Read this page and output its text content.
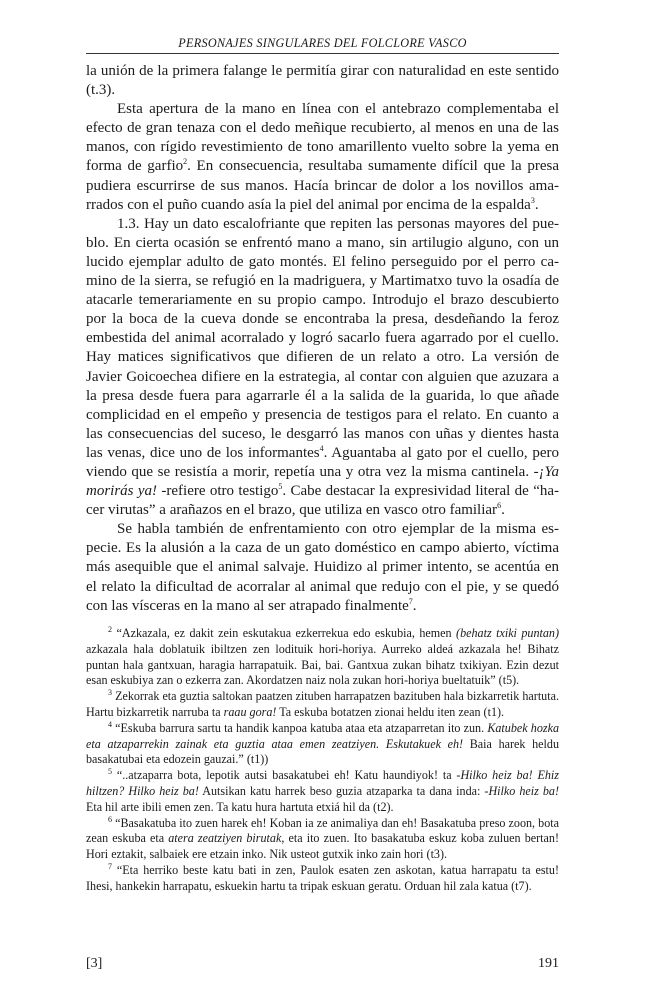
PERSONAJES SINGULARES DEL FOLCLORE VASCO

la unión de la primera falange le permitía girar con naturalidad en este sentido (t.3).

Esta apertura de la mano en línea con el antebrazo complementaba el efecto de gran tenaza con el dedo meñique recubierto, al menos en una de las manos, con rígido revestimiento de tono amarillento vuelto sobre la yema en forma de garfio$^2$. En consecuencia, resultaba sumamente difícil que la presa pudiera escurrirse de sus manos. Hacía brincar de dolor a los novillos amarrados con el puño cuando asía la piel del animal por encima de la espalda$^3$.

1.3. Hay un dato escalofriante que repiten las personas mayores del pueblo. En cierta ocasión se enfrentó mano a mano, sin artilugio alguno, con un lucido ejemplar adulto de gato montés. El felino perseguido por el perro camino de la sierra, se refugió en la madriguera, y Martimatxo tuvo la osadía de atacarle temerariamente en su propio campo. Introdujo el brazo descubierto por la boca de la cueva donde se encontraba la presa, desdeñando la feroz embestida del animal acorralado y logró sacarlo fuera agarrado por el cuello. Hay matices significativos que difieren de un relato a otro. La versión de Javier Goicoechea difiere en la estrategia, al contar con alguien que azuzara a la presa desde fuera para agarrarle él a la salida de la guarida, lo que añade complicidad en el empeño y presencia de testigos para el relato. En cuanto a las consecuencias del suceso, le desgarró las manos con uñas y dientes hasta las venas, dice uno de los informantes$^4$. Aguantaba al gato por el cuello, pero viendo que se resistía a morir, repetía una y otra vez la misma cantinela. -¡Ya morirás ya! -refiere otro testigo$^5$. Cabe destacar la expresividad literal de “hacer virutas” a arañazos en el brazo, que utiliza en vasco otro familiar$^6$.

Se habla también de enfrentamiento con otro ejemplar de la misma especie. Es la alusión a la caza de un gato doméstico en campo abierto, víctima más asequible que el animal salvaje. Huidizo al primer intento, se acentúa en el relato la dificultad de acorralar al animal que redujo con el pie, y se quedó con las vísceras en la mano al ser atrapado finalmente$^7$.

$^2$ “Azkazala, ez dakit zein eskutakua ezkerrekua edo eskubia, hemen (behatz txiki puntan) azkazala hala doblatuik ibiltzen zen lodituik hori-horiya. Aurreko aldeá azkazala he! Bihatz puntan hala gantxuan, haragia harrapatuik. Bai, bai. Gantxua zukan bihatz txikiyan. Ezin dezut esan eskubiya zan o ezkerra zan. Akordatzen naiz nola zukan hori-horiya bueltatuik” (t5).

$^3$ Zekorrak eta guztia saltokan paatzen zituben harrapatzen bazituben hala bizkarretik hartuta. Hartu bizkarretik narruba ta raau gora! Ta eskuba botatzen zionai heldu iten zean (t1).

$^4$ “Eskuba barrura sartu ta handik kanpoa katuba ataa eta atzaparretan ito zun. Katubek hozka eta atzaparrekin zainak eta guztia ataa emen zeatziyen. Eskutakuek eh! Baia harek heldu basakatubai eta edozein gauzai.” (t1))

$^5$ “..atzaparra bota, lepotik autsi basakatubei eh! Katu haundiyok! ta -Hilko heiz ba! Ehiz hiltzen? Hilko heiz ba! Autsikan katu harrek beso guzia atzaparka ta dana inda: -Hilko heiz ba! Eta hil arte ibili emen zen. Ta katu hura hartuta etxiá hil da (t2).

$^6$ “Basakatuba ito zuen harek eh! Koban ia ze animaliya dan eh! Basakatuba preso zoon, bota zean eskuba eta atera zeatziyen birutak, eta ito zuen. Ito basakatuba eskuz koba zuluen bertan! Hori eztakit, salbaiek ere etzain inko. Nik usteot gutxik inko zain hori (t3).

$^7$ “Eta herriko beste katu bati in zen, Paulok esaten zen askotan, katua harrapatu ta estu! Ihesi, hankekin harrapatu, eskuekin hartu ta tripak eskuan geratu. Orduan hil zala katua (t7).

[3]	191
